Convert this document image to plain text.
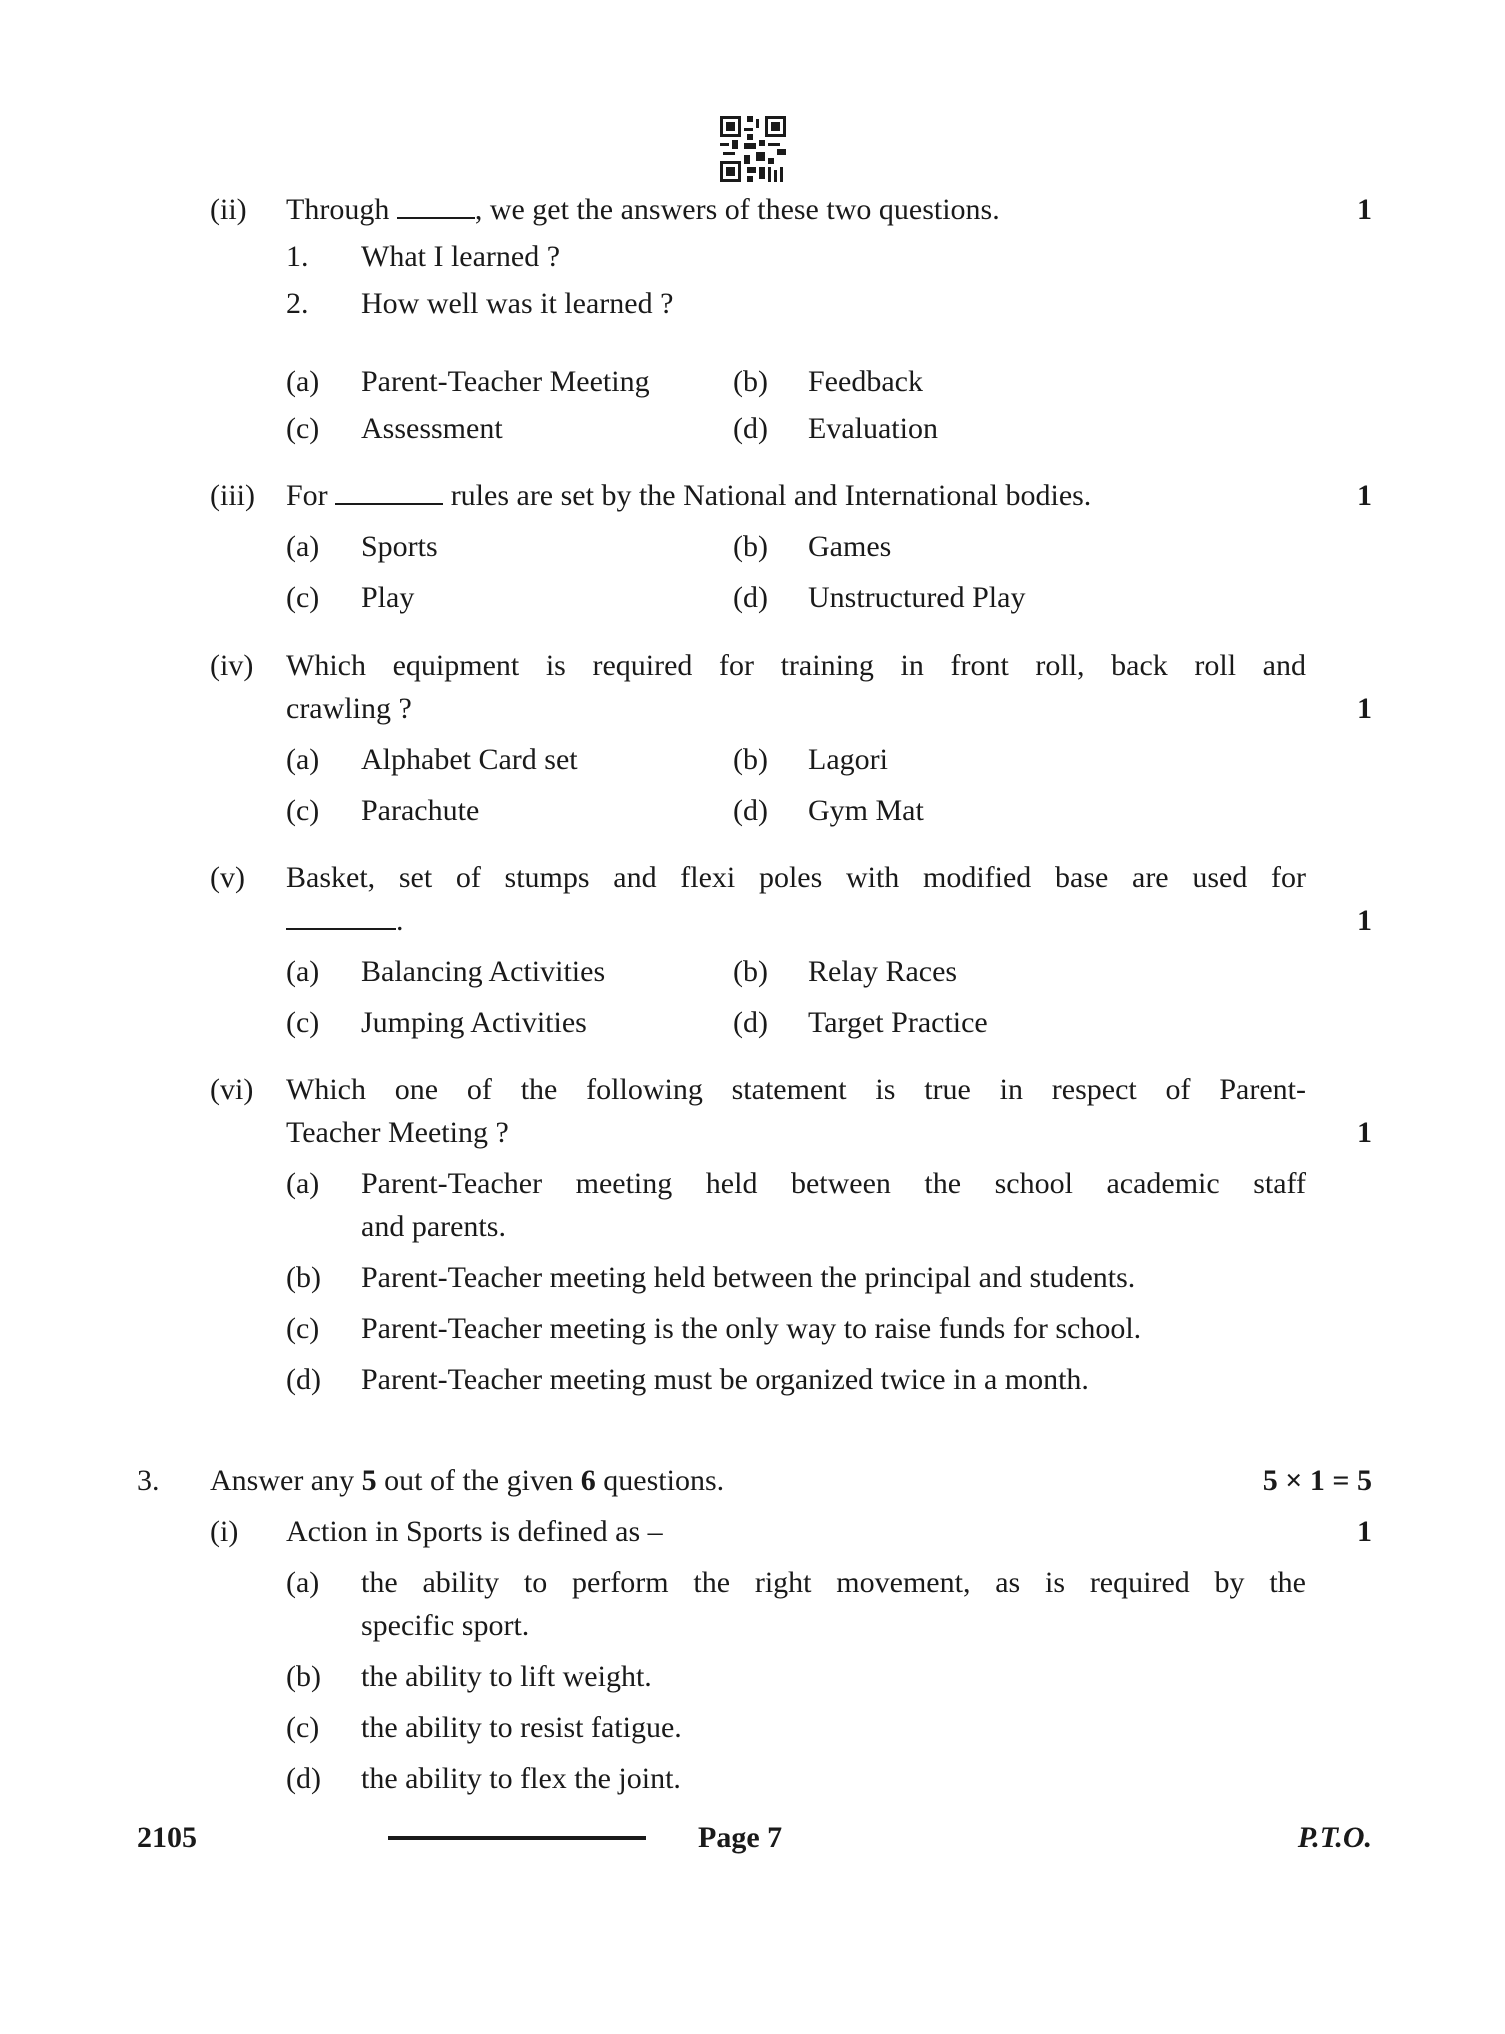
(ii) Through	, we get the answers of these two questions.	1
1. What I learned ?
2. How well was it learned ?
(a) Parent-Teacher Meeting	(b) Feedback
(c) Assessment	(d) Evaluation
(iii) For	rules are set by the National and International bodies.	1
(a) Sports	(b) Games
(c) Play	(d) Unstructured Play
(iv) Which equipment is required for training in front roll, back roll and
crawling ?	1
(a) Alphabet Card set	(b) Lagori
(c) Parachute	(d) Gym Mat
(v) Basket, set of stumps and flexi poles with modified base are used for
.	1
(a) Balancing Activities	(b) Relay Races
(c) Jumping Activities	(d) Target Practice
(vi) Which one of the following statement is true in respect of Parent-
Teacher Meeting ?	1
(a) Parent-Teacher meeting held between the school academic staff
and parents.
(b) Parent-Teacher meeting held between the principal and students.
(c) Parent-Teacher meeting is the only way to raise funds for school.
(d) Parent-Teacher meeting must be organized twice in a month.
3. Answer any 5 out of the given 6 questions.	5 × 1 = 5
(i) Action in Sports is defined as –	1
(a) the ability to perform the right movement, as is required by the
specific sport.
(b) the ability to lift weight.
(c) the ability to resist fatigue.
(d) the ability to flex the joint.
2105	Page 7	P.T.O.
